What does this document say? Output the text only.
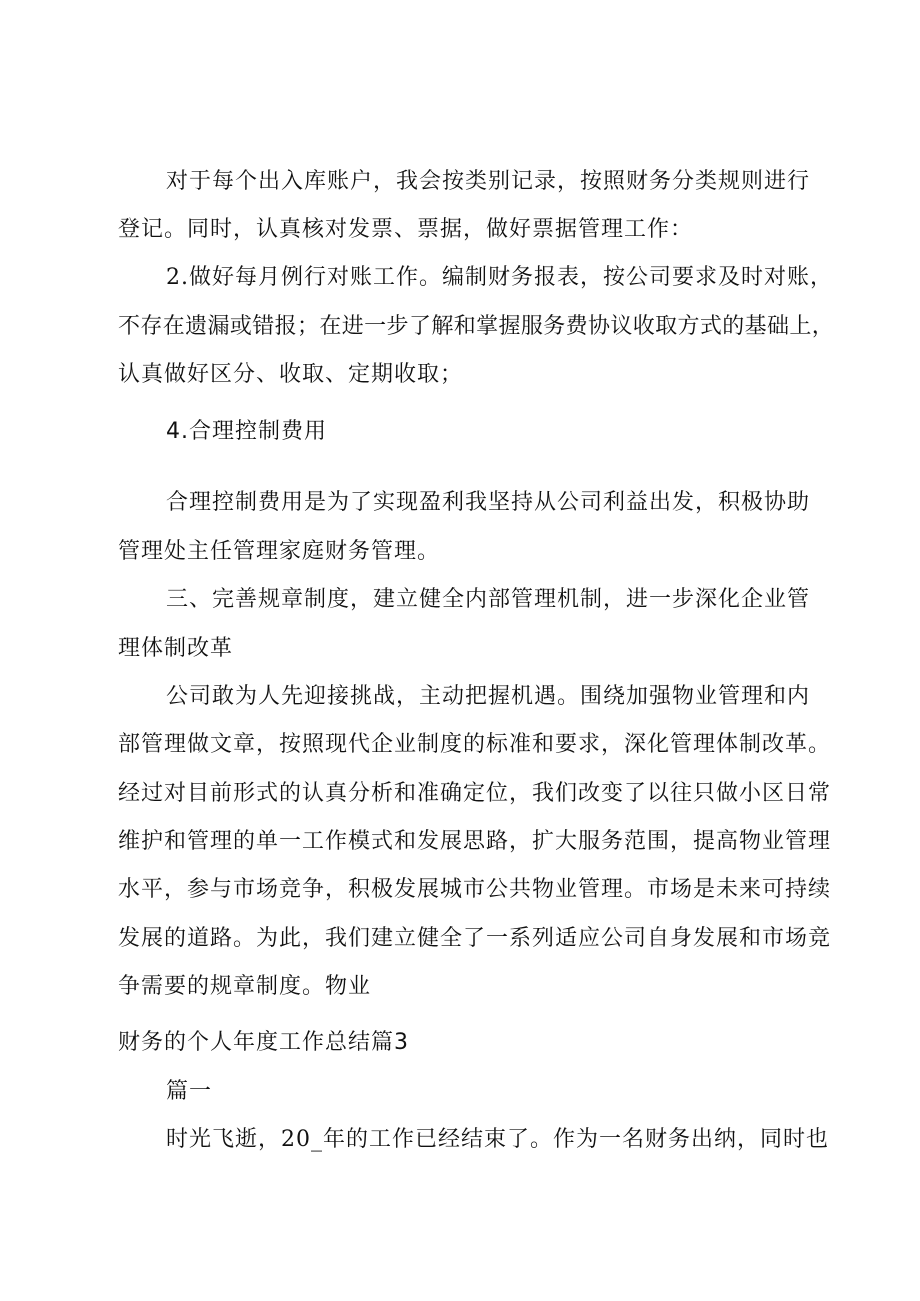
对于每个出入库账户，我会按类别记录，按照财务分类规则进行
登记。同时，认真核对发票、票据，做好票据管理工作：
2.做好每月例行对账工作。编制财务报表，按公司要求及时对账，
不存在遗漏或错报；在进一步了解和掌握服务费协议收取方式的基础上，
认真做好区分、收取、定期收取；
4.合理控制费用
合理控制费用是为了实现盈利我坚持从公司利益出发，积极协助
管理处主任管理家庭财务管理。
三、完善规章制度，建立健全内部管理机制，进一步深化企业管
理体制改革
公司敢为人先迎接挑战，主动把握机遇。围绕加强物业管理和内
部管理做文章，按照现代企业制度的标准和要求，深化管理体制改革。
经过对目前形式的认真分析和准确定位，我们改变了以往只做小区日常
维护和管理的单一工作模式和发展思路，扩大服务范围，提高物业管理
水平，参与市场竞争，积极发展城市公共物业管理。市场是未来可持续
发展的道路。为此，我们建立健全了一系列适应公司自身发展和市场竞
争需要的规章制度。物业
财务的个人年度工作总结篇3
篇一
时光飞逝，20_年的工作已经结束了。作为一名财务出纳，同时也
